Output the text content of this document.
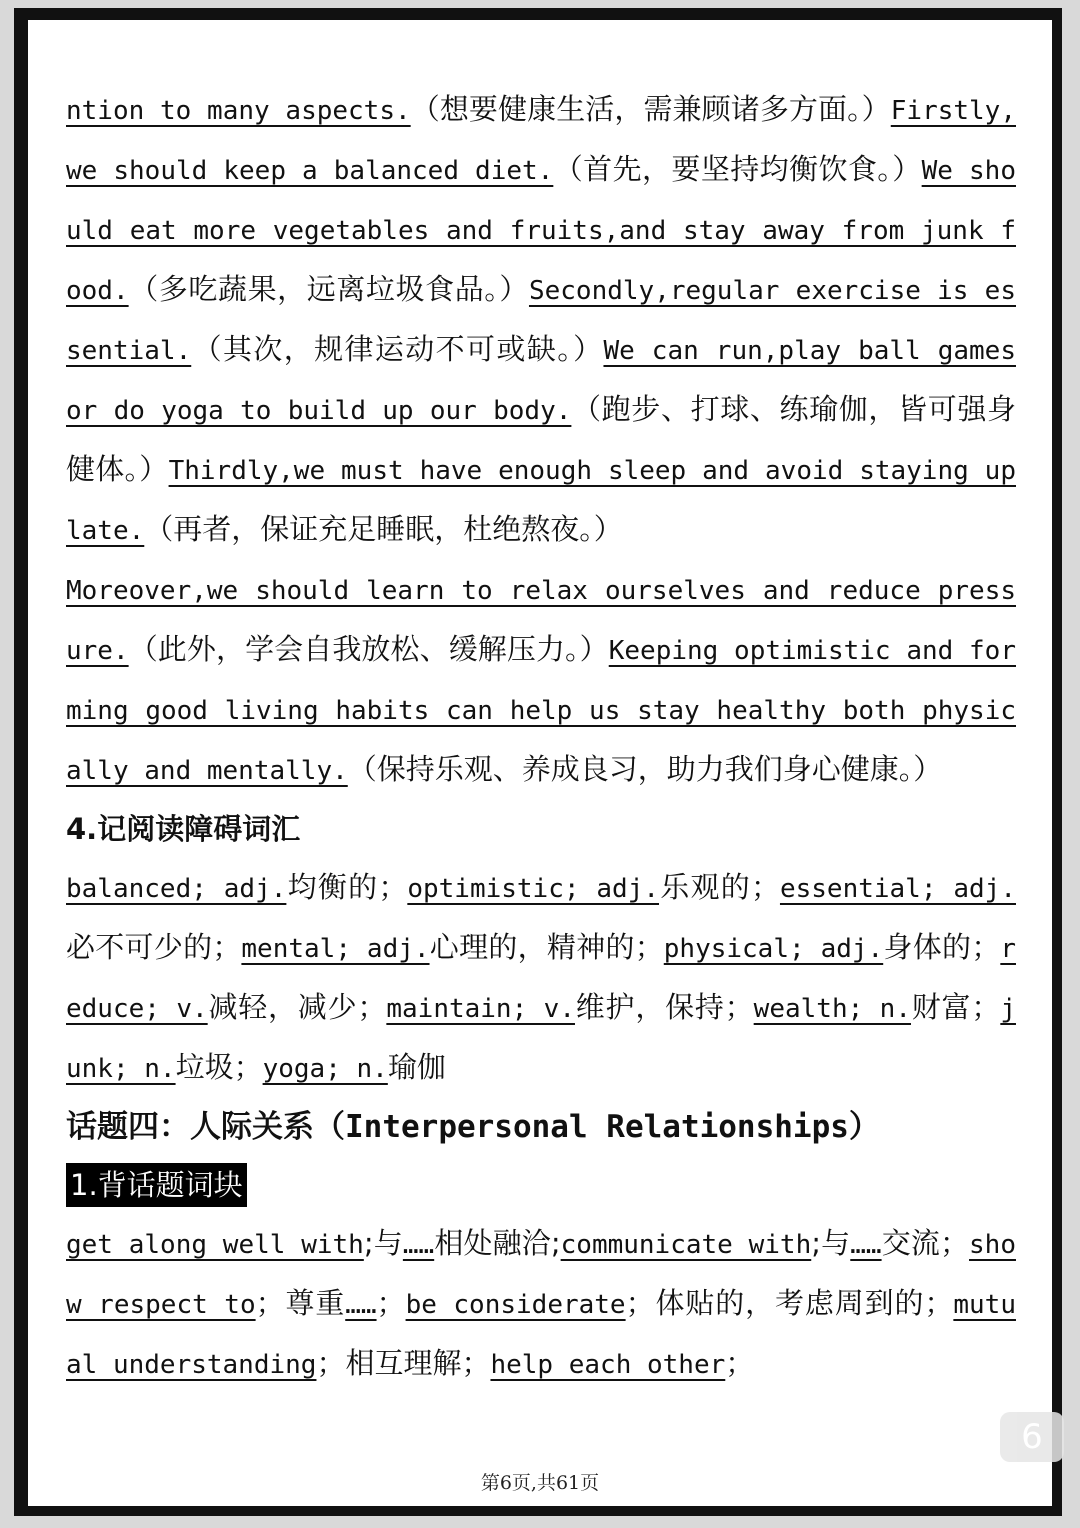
ntion to many aspects.（想要健康生活，需兼顾诸多方面。）Firstly,we should keep a balanced diet.（首先，要坚持均衡饮食。）We should eat more vegetables and fruits,and stay away from junk food.（多吃蔬果，远离垃圾食品。）Secondly,regular exercise is essential.（其次，规律运动不可或缺。）We can run,play ball games or do yoga to build up our body.（跑步、打球、练瑜伽，皆可强身健体。）Thirdly,we must have enough sleep and avoid staying up late.（再者，保证充足睡眠，杜绝熬夜。）
Moreover,we should learn to relax ourselves and reduce pressure.（此外，学会自我放松、缓解压力。）Keeping optimistic and forming good living habits can help us stay healthy both physically and mentally.（保持乐观、养成良习，助力我们身心健康。）
4.记阅读障碍词汇
balanced; adj.均衡的；optimistic; adj.乐观的；essential; adj.必不可少的；mental; adj.心理的，精神的；physical; adj.身体的；reduce; v.减轻，减少；maintain; v.维护，保持；wealth; n.财富；junk; n.垃圾；yoga; n.瑜伽
话题四：人际关系（Interpersonal Relationships）
1.背话题词块
get along well with;与……相处融洽;communicate with;与……交流；show respect to；尊重……；be considerate；体贴的，考虑周到的；mutual understanding；相互理解；help each other；
第6页,共61页
6
